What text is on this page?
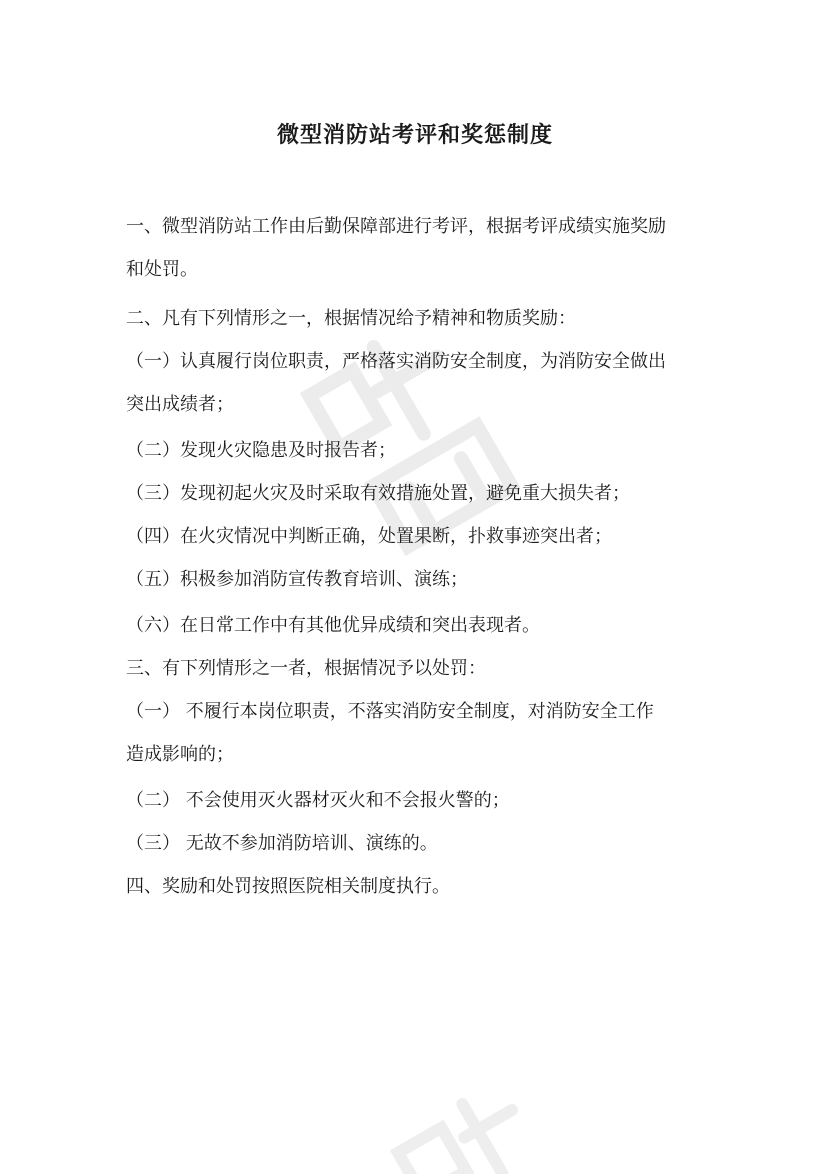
微型消防站考评和奖惩制度
一、微型消防站工作由后勤保障部进行考评，根据考评成绩实施奖励
和处罚。
二、凡有下列情形之一，根据情况给予精神和物质奖励：
（一）认真履行岗位职责，严格落实消防安全制度，为消防安全做出
突出成绩者；
（二）发现火灾隐患及时报告者；
（三）发现初起火灾及时采取有效措施处置，避免重大损失者；
（四）在火灾情况中判断正确，处置果断，扑救事迹突出者；
（五）积极参加消防宣传教育培训、演练；
（六）在日常工作中有其他优异成绩和突出表现者。
三、有下列情形之一者，根据情况予以处罚：
（一） 不履行本岗位职责，不落实消防安全制度，对消防安全工作
造成影响的；
（二） 不会使用灭火器材灭火和不会报火警的；
（三） 无故不参加消防培训、演练的。
四、奖励和处罚按照医院相关制度执行。
